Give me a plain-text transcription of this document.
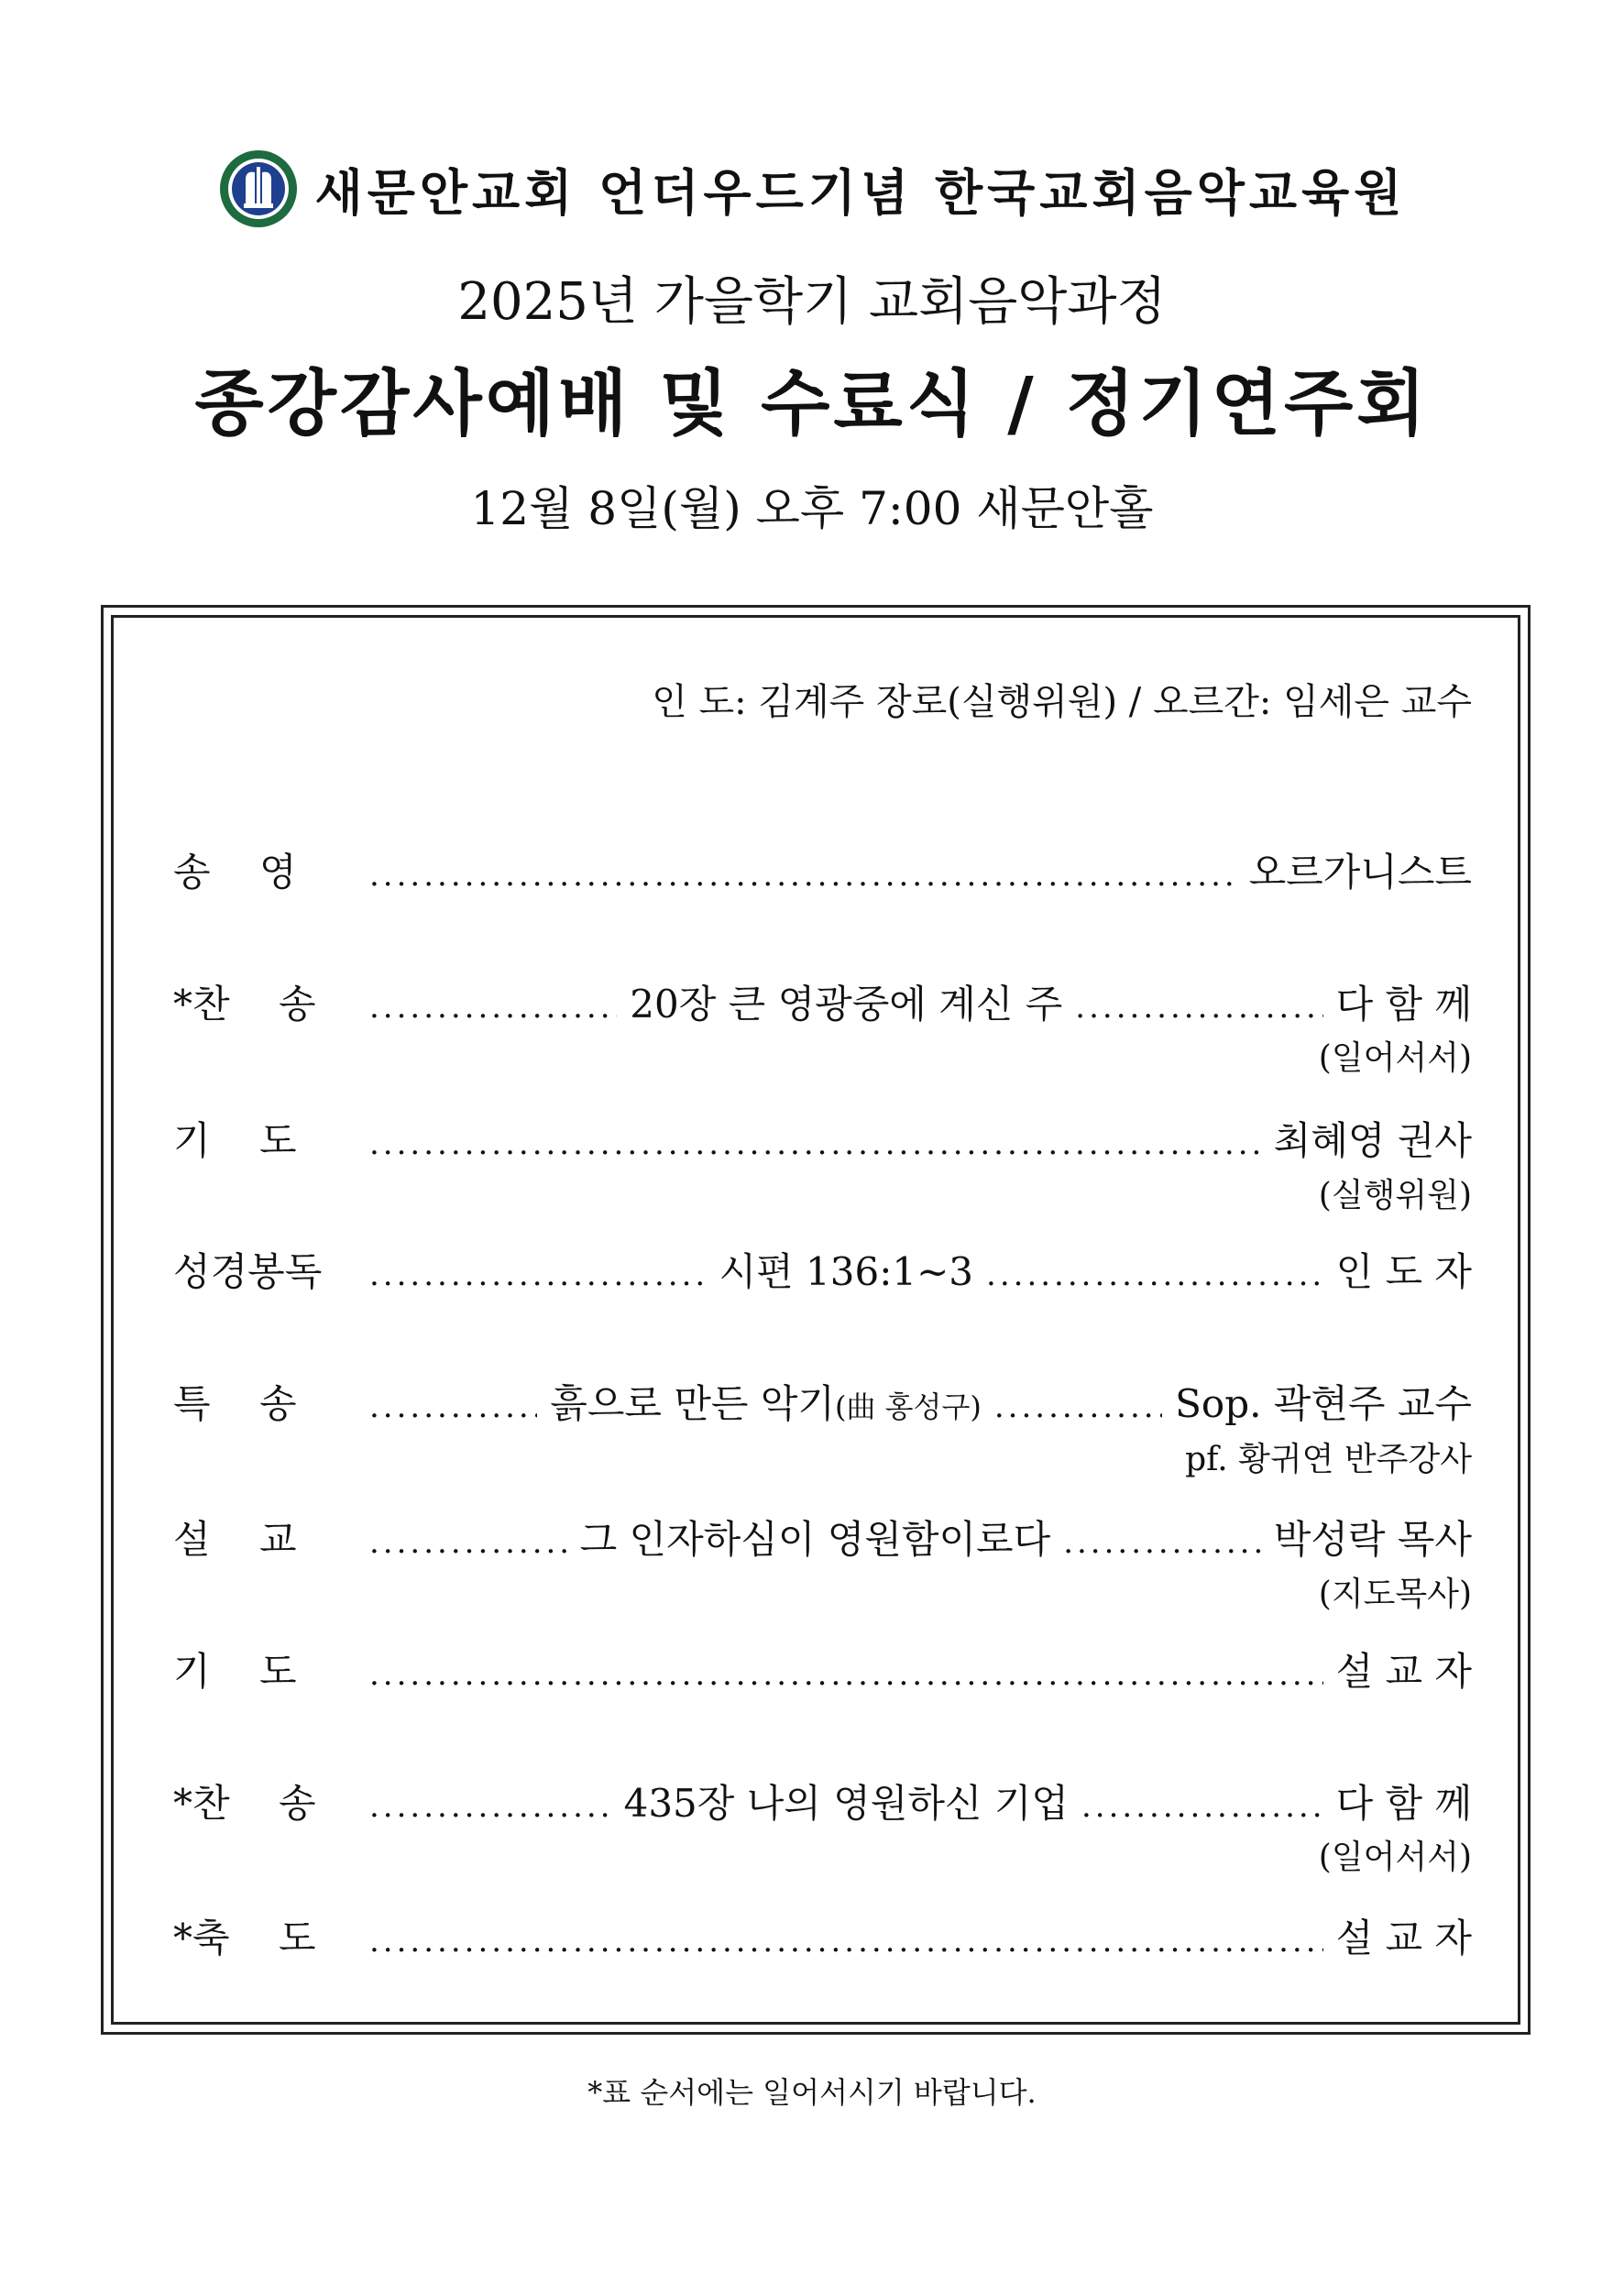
새문안교회 언더우드기념 한국교회음악교육원
2025년 가을학기 교회음악과정
종강감사예배 및 수료식 / 정기연주회
12월 8일(월) 오후 7:00 새문안홀
인 도: 김계주 장로(실행위원) / 오르간: 임세은 교수
송    영 .....	오르가니스트
*찬    송 .....	20장 큰 영광중에 계신 주 .....	다 함 께
(일어서서)
기    도 .....	최혜영 권사
(실행위원)
성경봉독 .....	시편 136:1~3 .....	인 도 자
특    송 .....	흙으로 만든 악기(曲 홍성구) .....	Sop. 곽현주 교수
pf. 황귀연 반주강사
설    교 .....	그 인자하심이 영원함이로다 .....	박성락 목사
(지도목사)
기    도 .....	설 교 자
*찬    송 .....	435장 나의 영원하신 기업 .....	다 함 께
(일어서서)
*축    도 .....	설 교 자
*표 순서에는 일어서시기 바랍니다.
